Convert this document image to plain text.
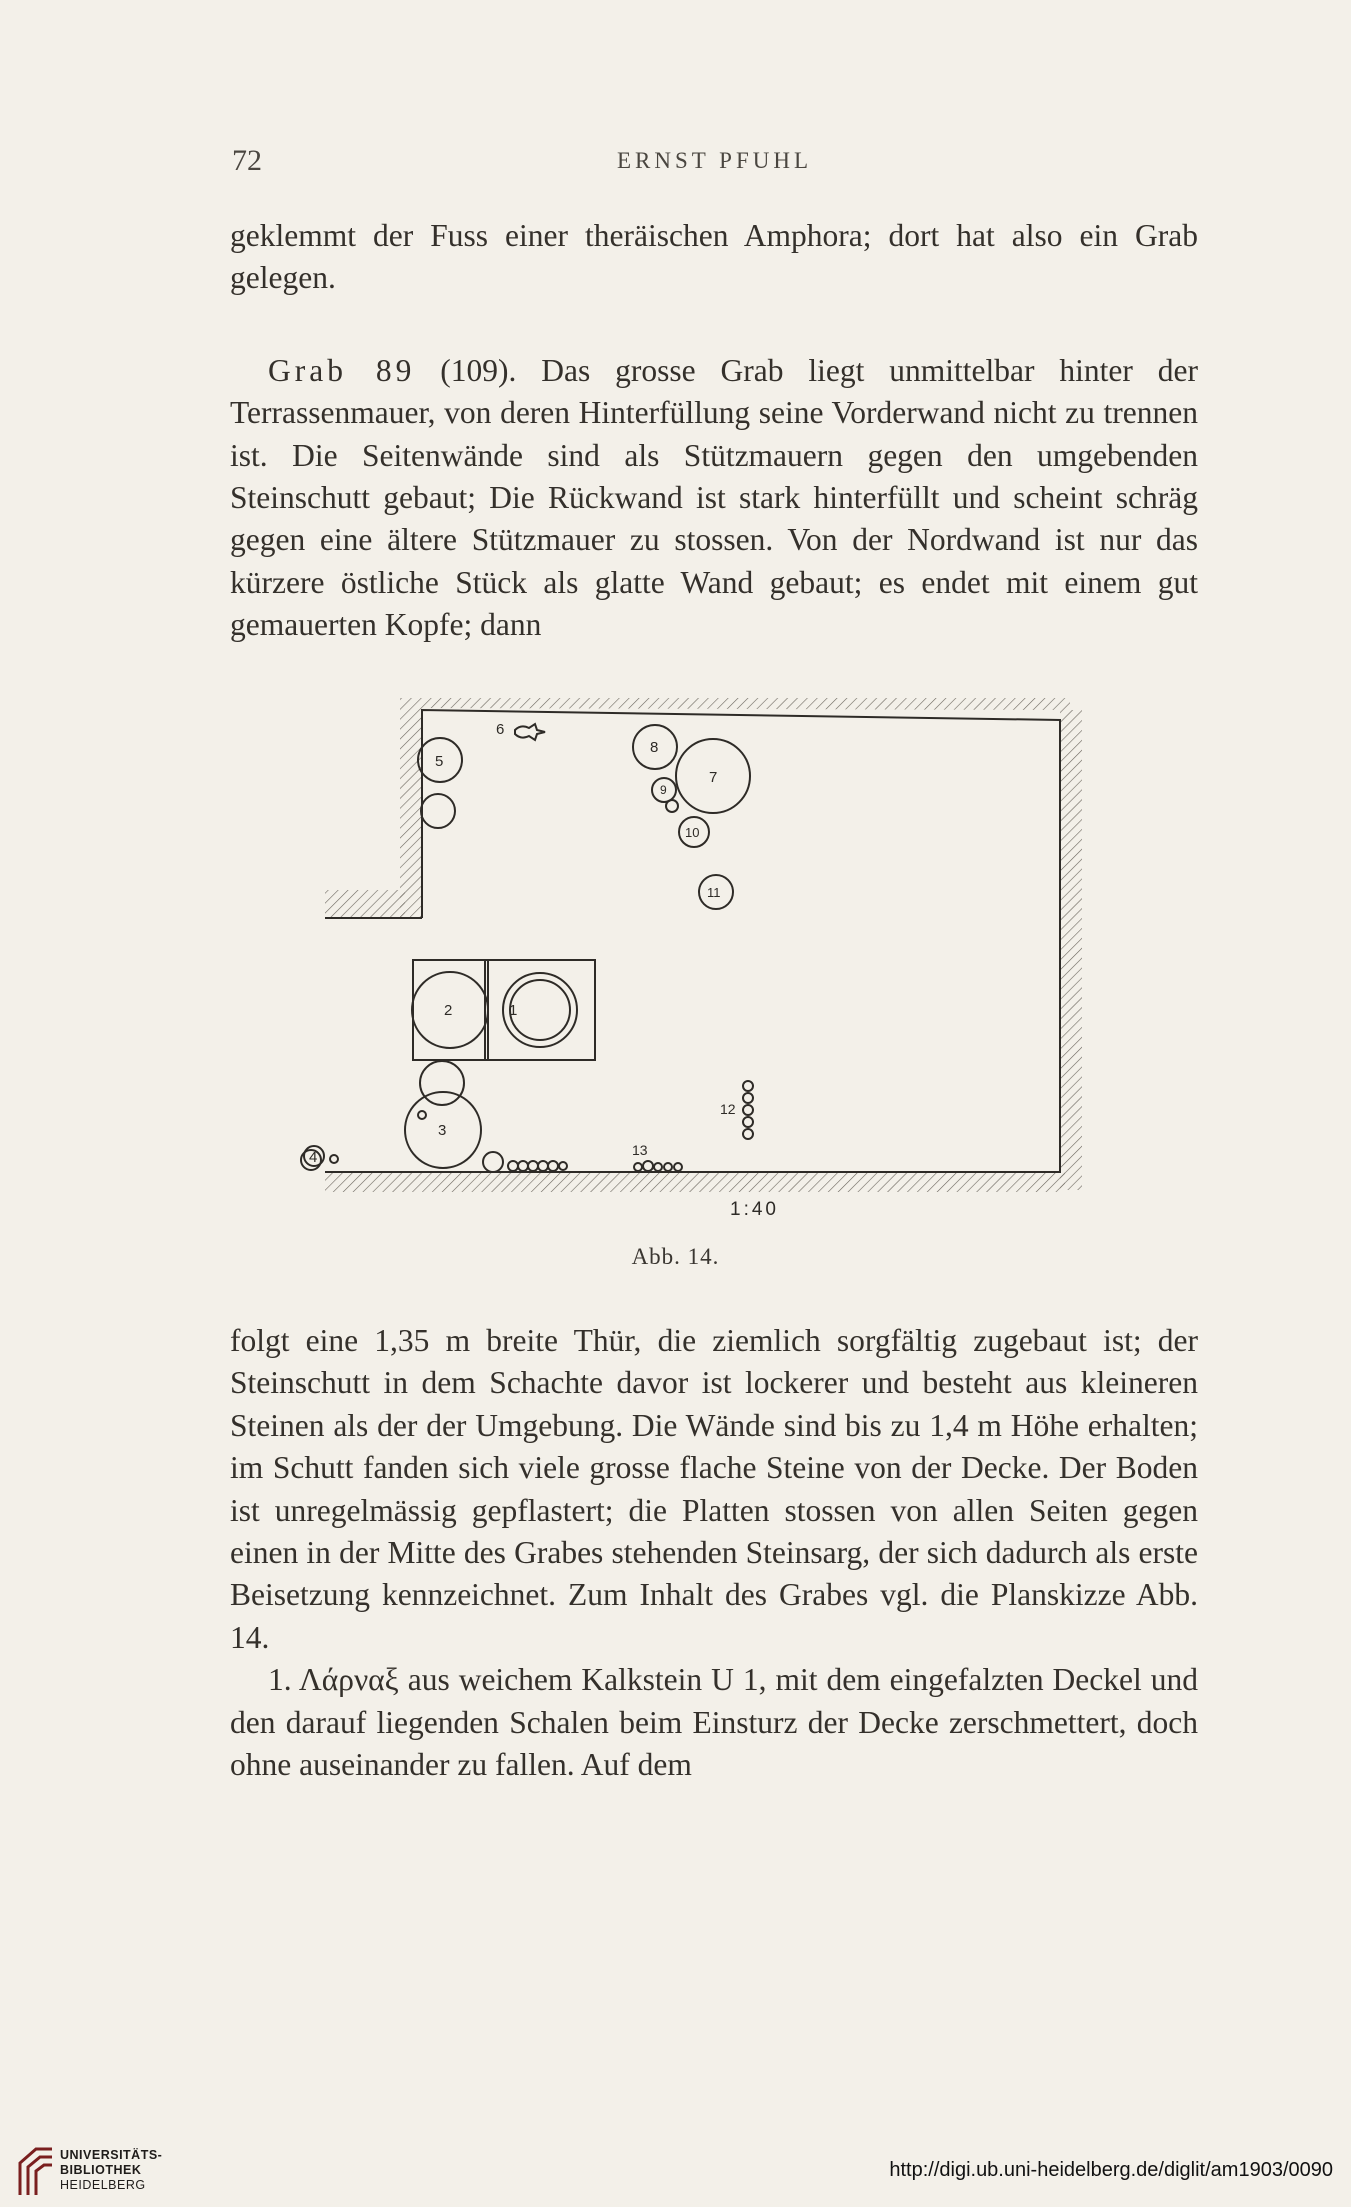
72	ERNST PFUHL

geklemmt der Fuss einer theräischen Amphora; dort hat also ein Grab gelegen.

Grab 89 (109). Das grosse Grab liegt unmittelbar hinter der Terrassenmauer, von deren Hinterfüllung seine Vorderwand nicht zu trennen ist. Die Seitenwände sind als Stützmauern gegen den umgebenden Steinschutt gebaut; Die Rückwand ist stark hinterfüllt und scheint schräg gegen eine ältere Stützmauer zu stossen. Von der Nordwand ist nur das kürzere östliche Stück als glatte Wand gebaut; es endet mit einem gut gemauerten Kopfe; dann

5
2	1
3
4
6
8
7
9
10
11
12
13
1:40
Abb. 14.

folgt eine 1,35 m breite Thür, die ziemlich sorgfältig zugebaut ist; der Steinschutt in dem Schachte davor ist lockerer und besteht aus kleineren Steinen als der der Umgebung. Die Wände sind bis zu 1,4 m Höhe erhalten; im Schutt fanden sich viele grosse flache Steine von der Decke. Der Boden ist unregelmässig gepflastert; die Platten stossen von allen Seiten gegen einen in der Mitte des Grabes stehenden Steinsarg, der sich dadurch als erste Beisetzung kennzeichnet. Zum Inhalt des Grabes vgl. die Planskizze Abb. 14.

1. Λάρναξ aus weichem Kalkstein U 1, mit dem eingefalzten Deckel und den darauf liegenden Schalen beim Einsturz der Decke zerschmettert, doch ohne auseinander zu fallen. Auf dem

UNIVERSITÄTS-
BIBLIOTHEK
HEIDELBERG
http://digi.ub.uni-heidelberg.de/diglit/am1903/0090
